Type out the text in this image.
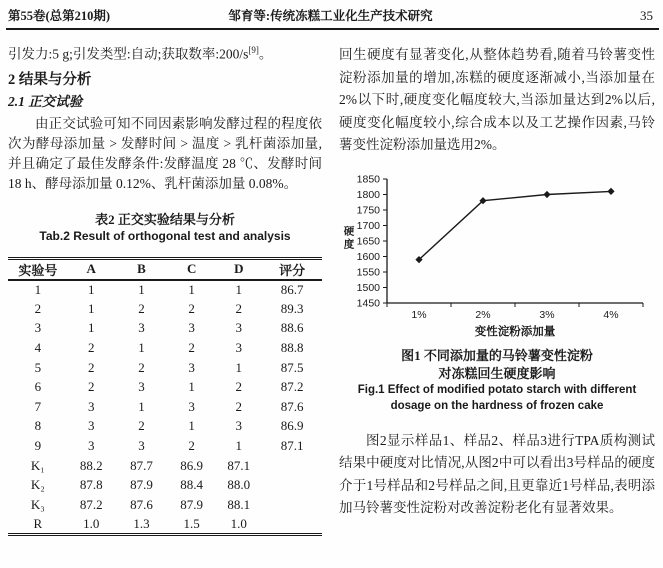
第55卷(总第210期)	邹育等:传统冻糕工业化生产技术研究	35

引发力:5 g;引发类型:自动;获取数率:200/s[9]。

2 结果与分析
2.1 正交试验

由正交试验可知不同因素影响发酵过程的程度依次为酵母添加量 > 发酵时间 > 温度 > 乳杆菌添加量,并且确定了最佳发酵条件:发酵温度 28 ℃、发酵时间 18 h、酵母添加量 0.12%、乳杆菌添加量 0.08%。

表2 正交实验结果与分析
Tab.2 Result of orthogonal test and analysis
实验号	A	B	C	D	评分
1	1	1	1	1	86.7
2	1	2	2	2	89.3
3	1	3	3	3	88.6
4	2	1	2	3	88.8
5	2	2	3	1	87.5
6	2	3	1	2	87.2
7	3	1	3	2	87.6
8	3	2	1	3	86.9
9	3	3	2	1	87.1
K₁	88.2	87.7	86.9	87.1	
K₂	87.8	87.9	88.4	88.0	
K₃	87.2	87.6	87.9	88.1	
R	1.0	1.3	1.5	1.0	

回生硬度有显著变化,从整体趋势看,随着马铃薯变性淀粉添加量的增加,冻糕的硬度逐渐减小,当添加量在2%以下时,硬度变化幅度较大,当添加量达到2%以后,硬度变化幅度较小,综合成本以及工艺操作因素,马铃薯变性淀粉添加量选用2%。

1450
1500
1550
1600
1650
1700
1750
1800
1850
1%	2%	3%	4%
变性淀粉添加量
硬
度
图1 不同添加量的马铃薯变性淀粉
对冻糕回生硬度影响
Fig.1 Effect of modified potato starch with different
dosage on the hardness of frozen cake

图2显示样品1、样品2、样品3进行TPA质构测试结果中硬度对比情况,从图2中可以看出3号样品的硬度介于1号样品和2号样品之间,且更靠近1号样品,表明添加马铃薯变性淀粉对改善淀粉老化有显著效果。
